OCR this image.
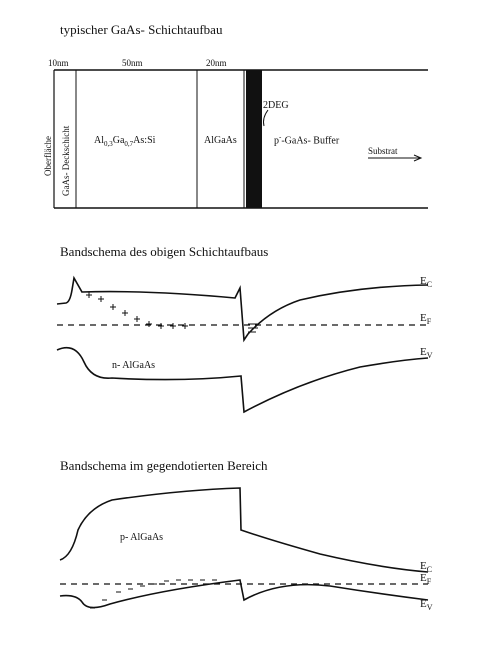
typischer GaAs- Schichtaufbau
10nm	50nm	20nm
Oberfläche GaAs- Deckschicht $Al_{0,3}Ga_{0,7}As:Si$	AlGaAs
2DEG
p--GaAs- Buffer
Substrat
Bandschema des obigen Schichtaufbaus
$E_C$
$E_F$
$E_V$
n- AlGaAs
Bandschema im gegendotierten Bereich
p- AlGaAs
$E_C$
$E_F$
$E_V$
